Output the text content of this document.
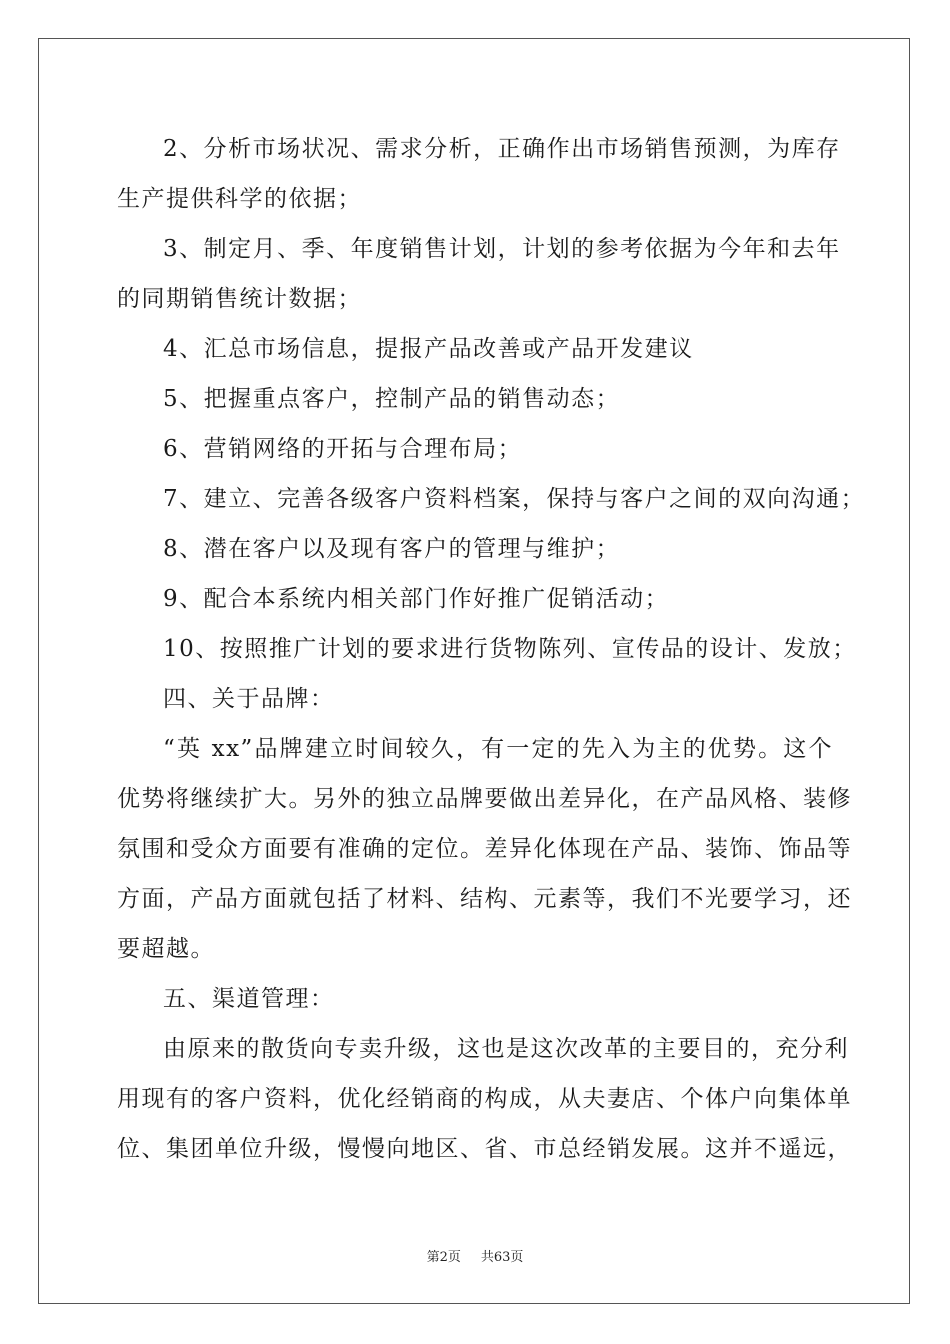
2、分析市场状况、需求分析，正确作出市场销售预测，为库存
生产提供科学的依据；
3、制定月、季、年度销售计划，计划的参考依据为今年和去年
的同期销售统计数据；
4、汇总市场信息，提报产品改善或产品开发建议
5、把握重点客户，控制产品的销售动态；
6、营销网络的开拓与合理布局；
7、建立、完善各级客户资料档案，保持与客户之间的双向沟通；
8、潜在客户以及现有客户的管理与维护；
9、配合本系统内相关部门作好推广促销活动；
10、按照推广计划的要求进行货物陈列、宣传品的设计、发放；
四、关于品牌：
“英 xx”品牌建立时间较久，有一定的先入为主的优势。这个
优势将继续扩大。另外的独立品牌要做出差异化，在产品风格、装修
氛围和受众方面要有准确的定位。差异化体现在产品、装饰、饰品等
方面，产品方面就包括了材料、结构、元素等，我们不光要学习，还
要超越。
五、渠道管理：
由原来的散货向专卖升级，这也是这次改革的主要目的，充分利
用现有的客户资料，优化经销商的构成，从夫妻店、个体户向集体单
位、集团单位升级，慢慢向地区、省、市总经销发展。这并不遥远，
第2页 共63页
